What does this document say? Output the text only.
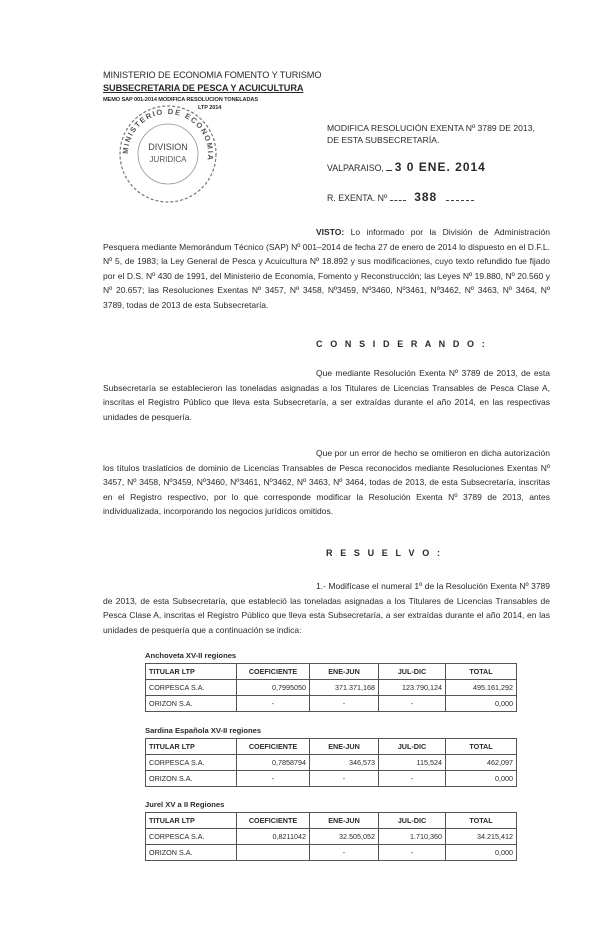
MINISTERIO DE ECONOMIA FOMENTO Y TURISMO
SUBSECRETARIA DE PESCA Y ACUICULTURA
MEMO SAP 001-2014 MODIFICA RESOLUCION TONELADAS
LTP 2014
MINISTERIO DE ECONOMIA
DIVISION
JURIDICA
MODIFICA RESOLUCIÓN EXENTA Nº 3789 DE 2013,
DE ESTA SUBSECRETARÍA.
VALPARAISO, 3 0 ENE. 2014
R. EXENTA. Nº 388
VISTO: Lo informado por la División de Administración Pesquera mediante Memorándum Técnico (SAP) Nº 001–2014 de fecha 27 de enero de 2014 lo dispuesto en el D.F.L. Nº 5, de 1983; la Ley General de Pesca y Acuicultura Nº 18.892 y sus modificaciones, cuyo texto refundido fue fijado por el D.S. Nº 430 de 1991, del Ministerio de Economía, Fomento y Reconstrucción; las Leyes Nº 19.880, Nº 20.560 y Nº 20.657; las Resoluciones Exentas Nº 3457, Nº 3458, Nº3459, Nº3460, Nº3461, Nº3462, Nº 3463, Nº 3464, Nº 3789, todas de 2013 de esta Subsecretaría.
C O N S I D E R A N D O :
Que mediante Resolución Exenta Nº 3789 de 2013, de esta Subsecretaría se establecieron las toneladas asignadas a los Titulares de Licencias Transables de Pesca Clase A, inscritas el Registro Público que lleva esta Subsecretaría, a ser extraídas durante el año 2014, en las respectivas unidades de pesquería.
Que por un error de hecho se omitieron en dicha autorización los títulos traslaticios de dominio de Licencias Transables de Pesca reconocidos mediante Resoluciones Exentas Nº 3457, Nº 3458, Nº3459, Nº3460, Nº3461, Nº3462, Nº 3463, Nº 3464, todas de 2013, de esta Subsecretaría, inscritas en el Registro respectivo, por lo que corresponde modificar la Resolución Exenta Nº 3789 de 2013, antes individualizada, incorporando los negocios jurídicos omitidos.
R E S U E L V O :
1.- Modifícase el numeral 1º de la Resolución Exenta Nº 3789 de 2013, de esta Subsecretaría, que estableció las toneladas asignadas a los Titulares de Licencias Transables de Pesca Clase A, inscritas el Registro Público que lleva esta Subsecretaría, a ser extraídas durante el año 2014, en las unidades de pesquería que a continuación se indica:
Anchoveta XV-II regiones
TITULAR LTP	COEFICIENTE	ENE-JUN	JUL-DIC	TOTAL
CORPESCA S.A.	0,7995050	371.371,168	123.790,124	495.161,292
ORIZON S.A.	-	-	-	0,000
Sardina Española XV-II regiones
TITULAR LTP	COEFICIENTE	ENE-JUN	JUL-DIC	TOTAL
CORPESCA S.A.	0,7858794	346,573	115,524	462,097
ORIZON S.A.	-	-	-	0,000
Jurel XV a II Regiones
TITULAR LTP	COEFICIENTE	ENE-JUN	JUL-DIC	TOTAL
CORPESCA S.A.	0,8211042	32.505,052	1.710,360	34.215,412
ORIZON S.A.		-	-	0,000
